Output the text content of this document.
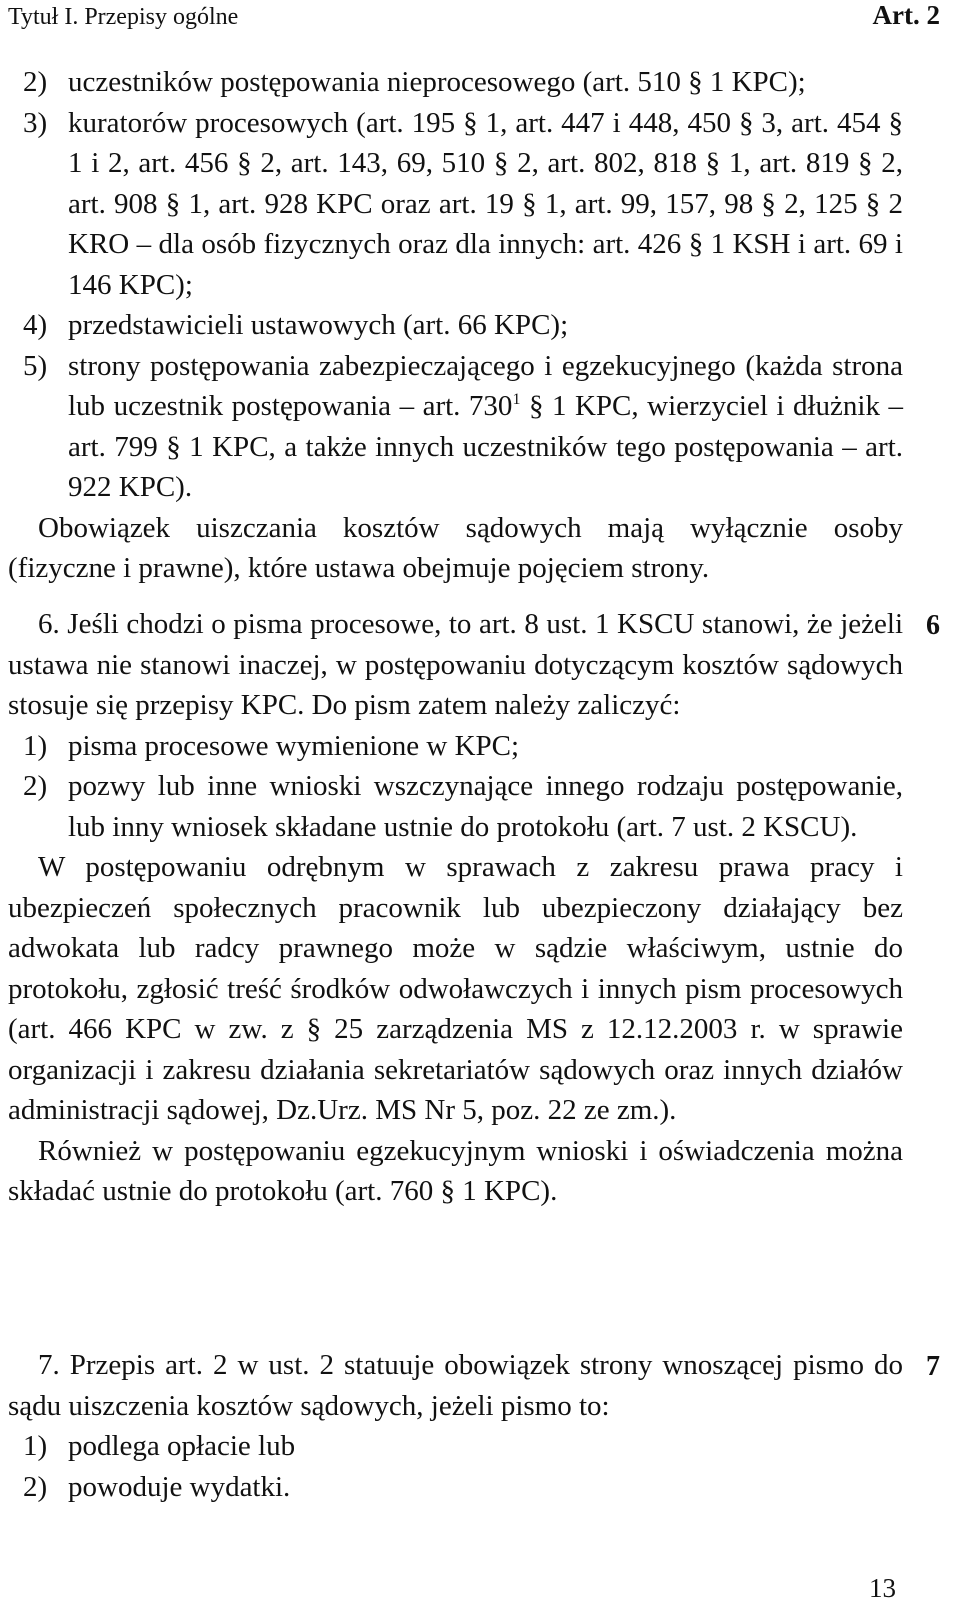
Tytuł I. Przepisy ogólne	Art. 2
2) uczestników postępowania nieprocesowego (art. 510 § 1 KPC);
3) kuratorów procesowych (art. 195 § 1, art. 447 i 448, 450 § 3, art. 454 § 1 i 2, art. 456 § 2, art. 143, 69, 510 § 2, art. 802, 818 § 1, art. 819 § 2, art. 908 § 1, art. 928 KPC oraz art. 19 § 1, art. 99, 157, 98 § 2, 125 § 2 KRO – dla osób fizycznych oraz dla innych: art. 426 § 1 KSH i art. 69 i 146 KPC);
4) przedstawicieli ustawowych (art. 66 KPC);
5) strony postępowania zabezpieczającego i egzekucyjnego (każda strona lub uczestnik postępowania – art. $730^1$ § 1 KPC, wierzyciel i dłużnik – art. 799 § 1 KPC, a także innych uczestników tego postępowania – art. 922 KPC).

Obowiązek uiszczania kosztów sądowych mają wyłącznie osoby (fizyczne i prawne), które ustawa obejmuje pojęciem strony.

6

6. Jeśli chodzi o pisma procesowe, to art. 8 ust. 1 KSCU stanowi, że jeżeli ustawa nie stanowi inaczej, w postępowaniu dotyczącym kosztów sądowych stosuje się przepisy KPC. Do pism zatem należy zaliczyć:

1) pisma procesowe wymienione w KPC;
2) pozwy lub inne wnioski wszczynające innego rodzaju postępowanie, lub inny wniosek składane ustnie do protokołu (art. 7 ust. 2 KSCU).

W postępowaniu odrębnym w sprawach z zakresu prawa pracy i ubezpieczeń społecznych pracownik lub ubezpieczony działający bez adwokata lub radcy prawnego może w sądzie właściwym, ustnie do protokołu, zgłosić treść środków odwoławczych i innych pism procesowych (art. 466 KPC w zw. z § 25 zarządzenia MS z 12.12.2003 r. w sprawie organizacji i zakresu działania sekretariatów sądowych oraz innych działów administracji sądowej, Dz.Urz. MS Nr 5, poz. 22 ze zm.).

Również w postępowaniu egzekucyjnym wnioski i oświadczenia można składać ustnie do protokołu (art. 760 § 1 KPC).

7

7. Przepis art. 2 w ust. 2 statuuje obowiązek strony wnoszącej pismo do sądu uiszczenia kosztów sądowych, jeżeli pismo to:

1) podlega opłacie lub
2) powoduje wydatki.
13
